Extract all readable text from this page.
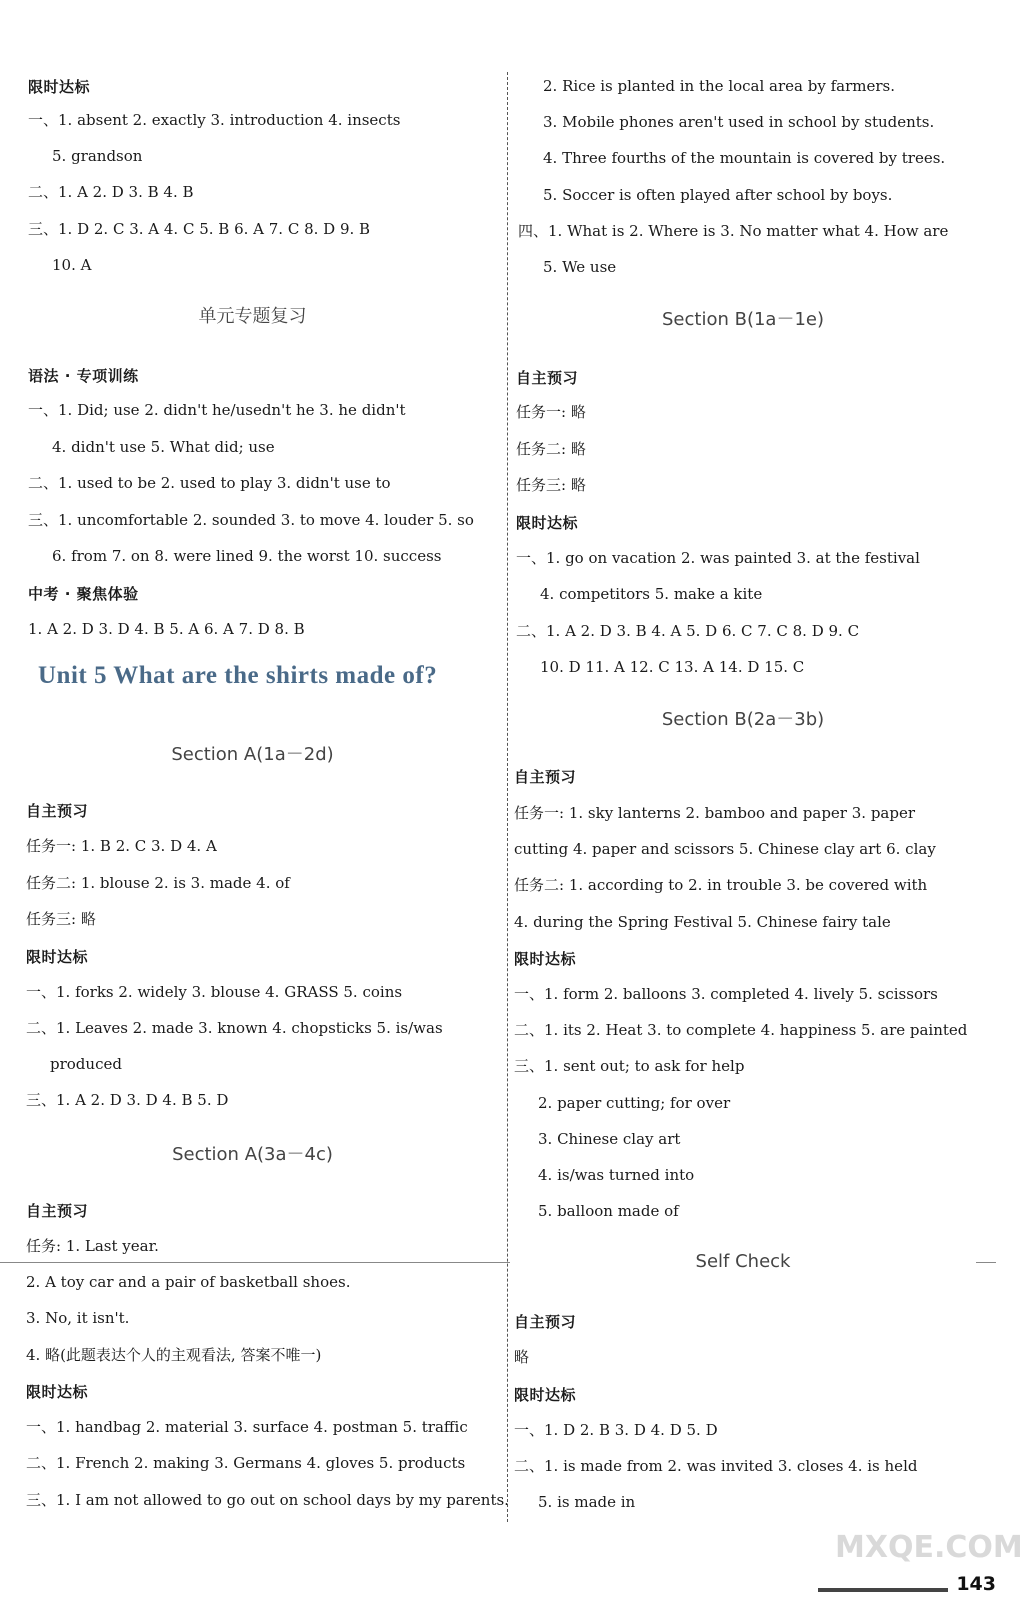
限时达标
一、1. absent 2. exactly 3. introduction 4. insects
5. grandson
二、1. A 2. D 3. B 4. B
三、1. D 2. C 3. A 4. C 5. B 6. A 7. C 8. D 9. B
10. A
单元专题复习
语法 · 专项训练
一、1. Did; use 2. didn't he/usedn't he 3. he didn't
4. didn't use 5. What did; use
二、1. used to be 2. used to play 3. didn't use to
三、1. uncomfortable 2. sounded 3. to move 4. louder 5. so
6. from 7. on 8. were lined 9. the worst 10. success
中考 · 聚焦体验
1. A 2. D 3. D 4. B 5. A 6. A 7. D 8. B
Unit 5 What are the shirts made of?
Section A(1a－2d)
自主预习
任务一: 1. B 2. C 3. D 4. A
任务二: 1. blouse 2. is 3. made 4. of
任务三: 略
限时达标
一、1. forks 2. widely 3. blouse 4. GRASS 5. coins
二、1. Leaves 2. made 3. known 4. chopsticks 5. is/was
produced
三、1. A 2. D 3. D 4. B 5. D
Section A(3a－4c)
自主预习
任务: 1. Last year.
2. A toy car and a pair of basketball shoes.
3. No, it isn't.
4. 略(此题表达个人的主观看法, 答案不唯一)
限时达标
一、1. handbag 2. material 3. surface 4. postman 5. traffic
二、1. French 2. making 3. Germans 4. gloves 5. products
三、1. I am not allowed to go out on school days by my parents.
2. Rice is planted in the local area by farmers.
3. Mobile phones aren't used in school by students.
4. Three fourths of the mountain is covered by trees.
5. Soccer is often played after school by boys.
四、1. What is 2. Where is 3. No matter what 4. How are
5. We use
Section B(1a－1e)
自主预习
任务一: 略
任务二: 略
任务三: 略
限时达标
一、1. go on vacation 2. was painted 3. at the festival
4. competitors 5. make a kite
二、1. A 2. D 3. B 4. A 5. D 6. C 7. C 8. D 9. C
10. D 11. A 12. C 13. A 14. D 15. C
Section B(2a－3b)
自主预习
任务一: 1. sky lanterns 2. bamboo and paper 3. paper
cutting 4. paper and scissors 5. Chinese clay art 6. clay
任务二: 1. according to 2. in trouble 3. be covered with
4. during the Spring Festival 5. Chinese fairy tale
限时达标
一、1. form 2. balloons 3. completed 4. lively 5. scissors
二、1. its 2. Heat 3. to complete 4. happiness 5. are painted
三、1. sent out; to ask for help
2. paper cutting; for over
3. Chinese clay art
4. is/was turned into
5. balloon made of
Self Check
自主预习
略
限时达标
一、1. D 2. B 3. D 4. D 5. D
二、1. is made from 2. was invited 3. closes 4. is held
5. is made in
MXQE.COM
143
